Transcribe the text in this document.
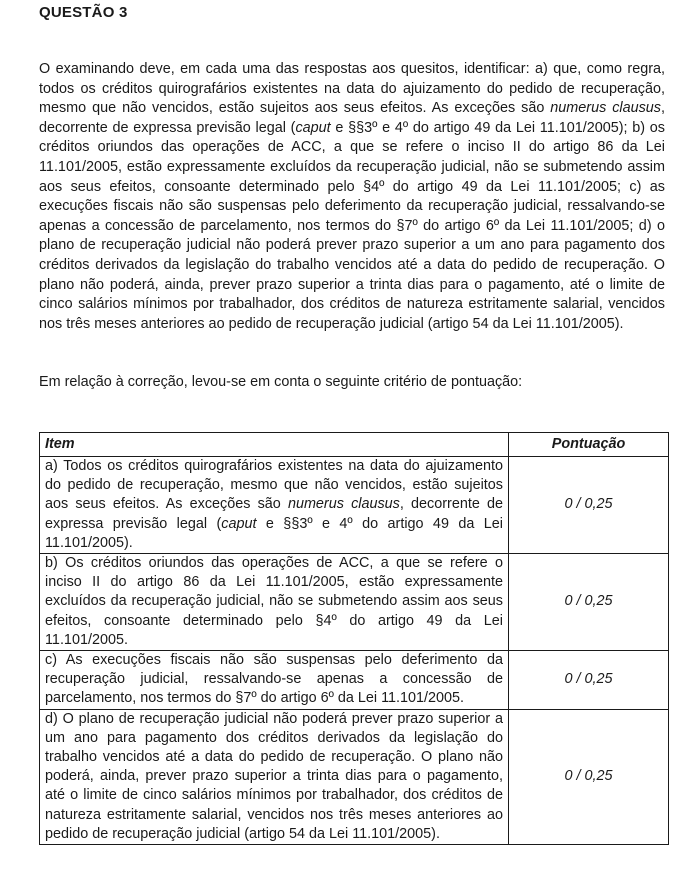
QUESTÃO 3
O examinando deve, em cada uma das respostas aos quesitos, identificar: a) que, como regra, todos os créditos quirografários existentes na data do ajuizamento do pedido de recuperação, mesmo que não vencidos, estão sujeitos aos seus efeitos. As exceções são numerus clausus, decorrente de expressa previsão legal (caput e §§3º e 4º do artigo 49 da Lei 11.101/2005); b) os créditos oriundos das operações de ACC, a que se refere o inciso II do artigo 86 da Lei 11.101/2005, estão expressamente excluídos da recuperação judicial, não se submetendo assim aos seus efeitos, consoante determinado pelo §4º do artigo 49 da Lei 11.101/2005; c) as execuções fiscais não são suspensas pelo deferimento da recuperação judicial, ressalvando-se apenas a concessão de parcelamento, nos termos do §7º do artigo 6º da Lei 11.101/2005; d) o plano de recuperação judicial não poderá prever prazo superior a um ano para pagamento dos créditos derivados da legislação do trabalho vencidos até a data do pedido de recuperação. O plano não poderá, ainda, prever prazo superior a trinta dias para o pagamento, até o limite de cinco salários mínimos por trabalhador, dos créditos de natureza estritamente salarial, vencidos nos três meses anteriores ao pedido de recuperação judicial (artigo 54 da Lei 11.101/2005).
Em relação à correção, levou-se em conta o seguinte critério de pontuação:
Item	Pontuação
a) Todos os créditos quirografários existentes na data do ajuizamento do pedido de recuperação, mesmo que não vencidos, estão sujeitos aos seus efeitos. As exceções são numerus clausus, decorrente de expressa previsão legal (caput e §§3º e 4º do artigo 49 da Lei 11.101/2005).	0 / 0,25
b) Os créditos oriundos das operações de ACC, a que se refere o inciso II do artigo 86 da Lei 11.101/2005, estão expressamente excluídos da recuperação judicial, não se submetendo assim aos seus efeitos, consoante determinado pelo §4º do artigo 49 da Lei 11.101/2005.	0 / 0,25
c) As execuções fiscais não são suspensas pelo deferimento da recuperação judicial, ressalvando-se apenas a concessão de parcelamento, nos termos do §7º do artigo 6º da Lei 11.101/2005.	0 / 0,25
d) O plano de recuperação judicial não poderá prever prazo superior a um ano para pagamento dos créditos derivados da legislação do trabalho vencidos até a data do pedido de recuperação. O plano não poderá, ainda, prever prazo superior a trinta dias para o pagamento, até o limite de cinco salários mínimos por trabalhador, dos créditos de natureza estritamente salarial, vencidos nos três meses anteriores ao pedido de recuperação judicial (artigo 54 da Lei 11.101/2005).	0 / 0,25
